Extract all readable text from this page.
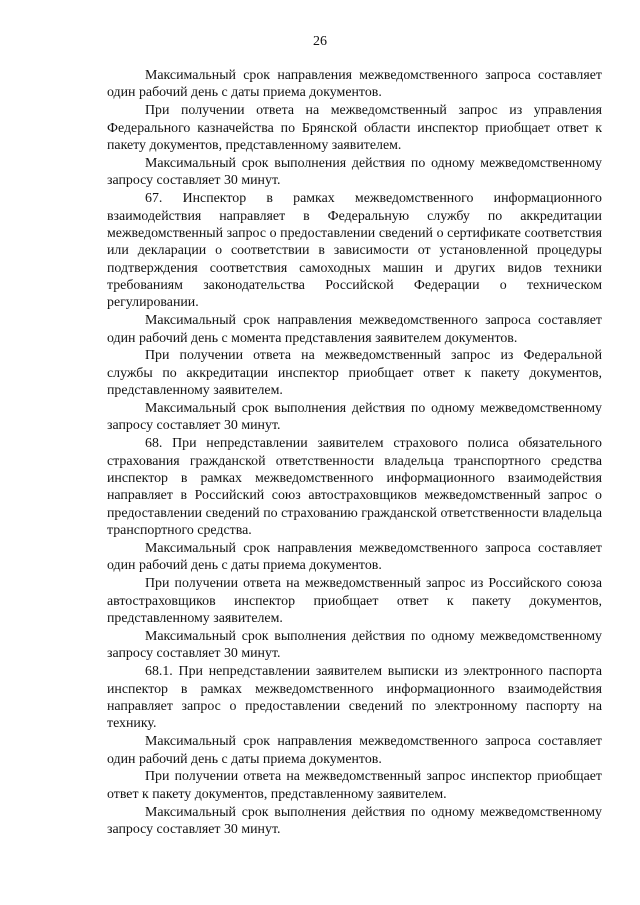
26

Максимальный срок направления межведомственного запроса составляет один рабочий день с даты приема документов.

При получении ответа на межведомственный запрос из управления Федерального казначейства по Брянской области инспектор приобщает ответ к пакету документов, представленному заявителем.

Максимальный срок выполнения действия по одному межведомственному запросу составляет 30 минут.

67. Инспектор в рамках межведомственного информационного взаимодействия направляет в Федеральную службу по аккредитации межведомственный запрос о предоставлении сведений о сертификате соответствия или декларации о соответствии в зависимости от установленной процедуры подтверждения соответствия самоходных машин и других видов техники требованиям законодательства Российской Федерации о техническом регулировании.

Максимальный срок направления межведомственного запроса составляет один рабочий день с момента представления заявителем документов.

При получении ответа на межведомственный запрос из Федеральной службы по аккредитации инспектор приобщает ответ к пакету документов, представленному заявителем.

Максимальный срок выполнения действия по одному межведомственному запросу составляет 30 минут.

68. При непредставлении заявителем страхового полиса обязательного страхования гражданской ответственности владельца транспортного средства инспектор в рамках межведомственного информационного взаимодействия направляет в Российский союз автостраховщиков межведомственный запрос о предоставлении сведений по страхованию гражданской ответственности владельца транспортного средства.

Максимальный срок направления межведомственного запроса составляет один рабочий день с даты приема документов.

При получении ответа на межведомственный запрос из Российского союза автостраховщиков инспектор приобщает ответ к пакету документов, представленному заявителем.

Максимальный срок выполнения действия по одному межведомственному запросу составляет 30 минут.

68.1. При непредставлении заявителем выписки из электронного паспорта инспектор в рамках межведомственного информационного взаимодействия направляет запрос о предоставлении сведений по электронному паспорту на технику.

Максимальный срок направления межведомственного запроса составляет один рабочий день с даты приема документов.

При получении ответа на межведомственный запрос инспектор приобщает ответ к пакету документов, представленному заявителем.

Максимальный срок выполнения действия по одному межведомственному запросу составляет 30 минут.
